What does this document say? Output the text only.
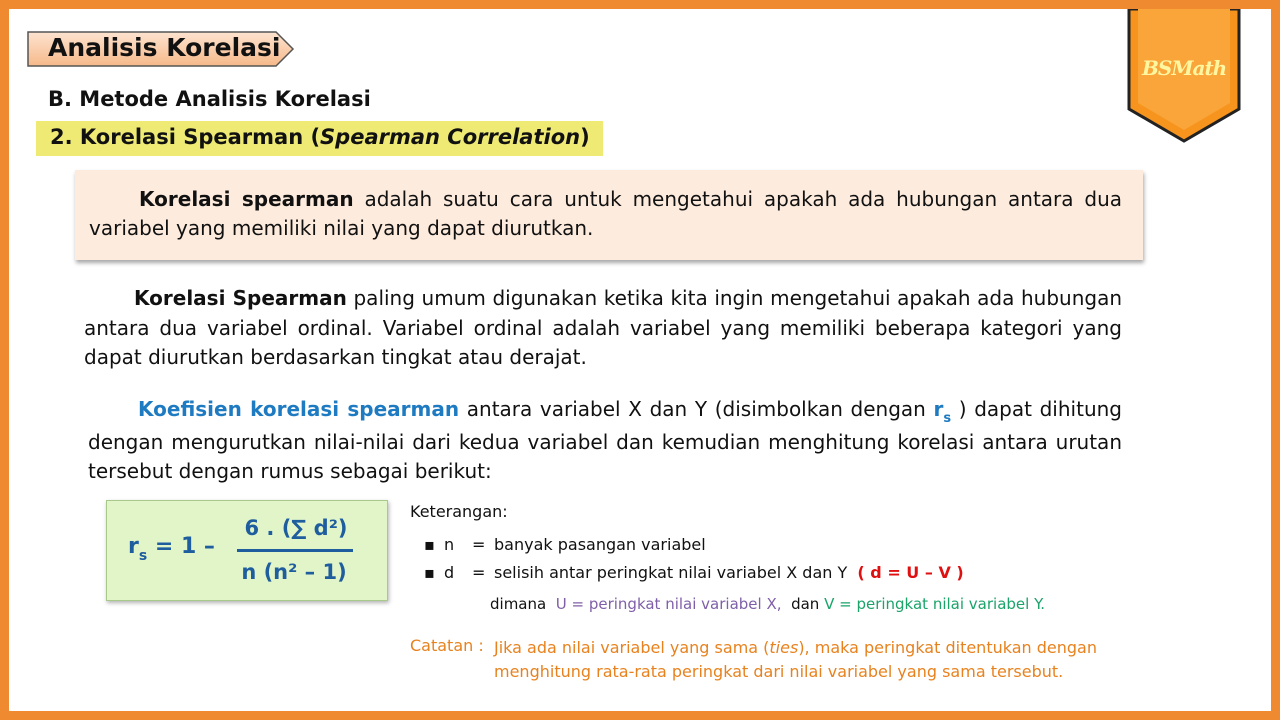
Analisis Korelasi
BSMath
B. Metode Analisis Korelasi
2. Korelasi Spearman (Spearman Correlation)
Korelasi spearman adalah suatu cara untuk mengetahui apakah ada hubungan antara dua variabel yang memiliki nilai yang dapat diurutkan.
Korelasi Spearman paling umum digunakan ketika kita ingin mengetahui apakah ada hubungan antara dua variabel ordinal. Variabel ordinal adalah variabel yang memiliki beberapa kategori yang dapat diurutkan berdasarkan tingkat atau derajat.
Koefisien korelasi spearman antara variabel X dan Y (disimbolkan dengan $r_s$ ) dapat dihitung dengan mengurutkan nilai-nilai dari kedua variabel dan kemudian menghitung korelasi antara urutan tersebut dengan rumus sebagai berikut:
$r_s = 1$ –
6 . (∑ d²)
n (n² – 1)
Keterangan:
▪ n = banyak pasangan variabel
▪ d = selisih antar peringkat nilai variabel X dan Y ( d = U – V )
dimana U = peringkat nilai variabel X, dan V = peringkat nilai variabel Y.
Catatan : Jika ada nilai variabel yang sama (ties), maka peringkat ditentukan dengan menghitung rata-rata peringkat dari nilai variabel yang sama tersebut.
